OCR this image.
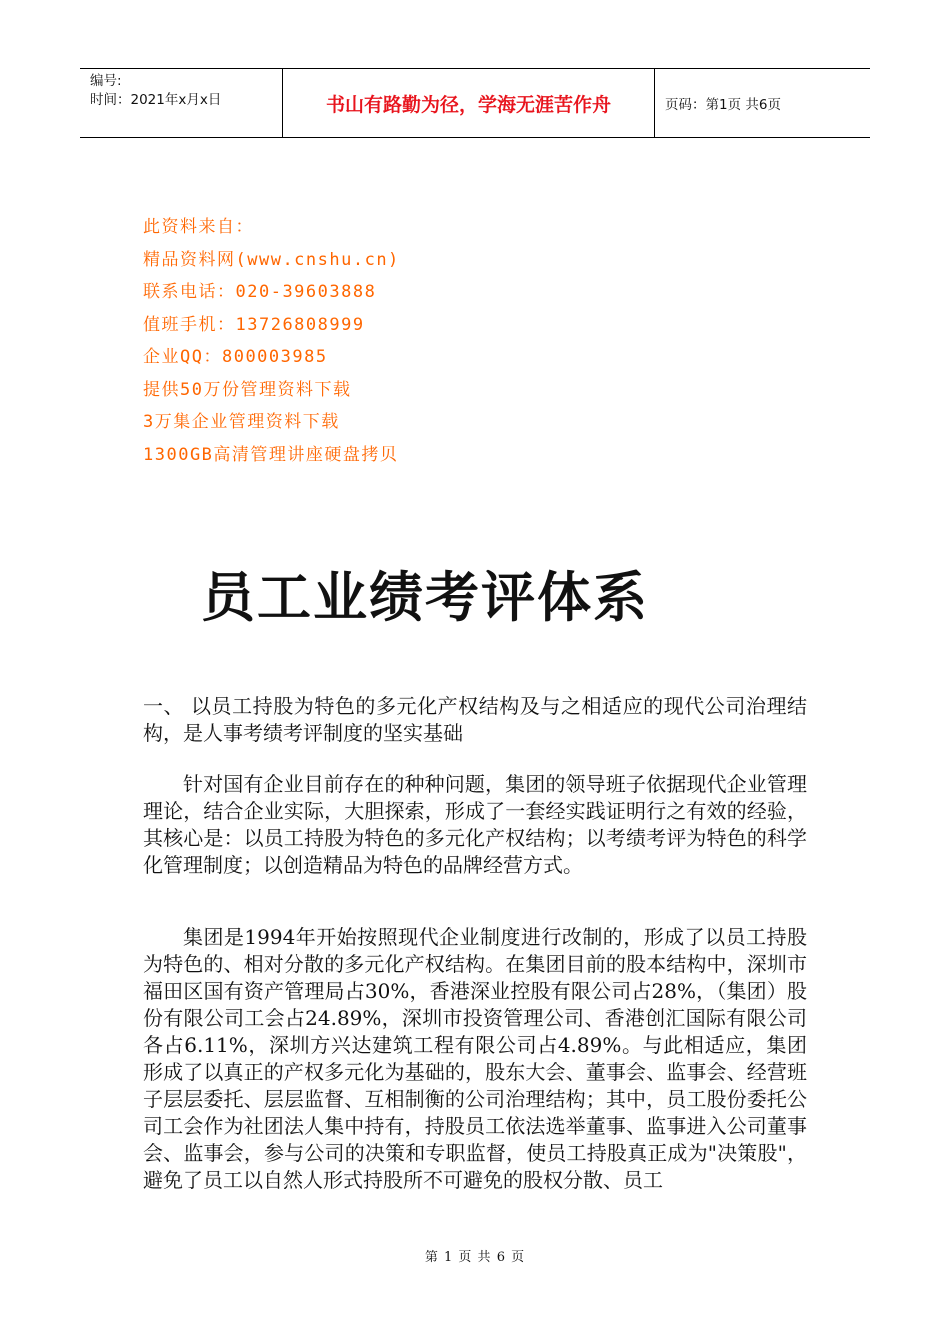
编号:
时间：2021年x月x日	书山有路勤为径，学海无涯苦作舟	页码：第1页 共6页
此资料来自：
精品资料网(www.cnshu.cn)
联系电话：020-39603888
值班手机：13726808999
企业QQ：800003985
提供50万份管理资料下载
3万集企业管理资料下载
1300GB高清管理讲座硬盘拷贝
员工业绩考评体系
一、 以员工持股为特色的多元化产权结构及与之相适应的现代公司治理结构，是人事考绩考评制度的坚实基础
针对国有企业目前存在的种种问题，集团的领导班子依据现代企业管理理论，结合企业实际，大胆探索，形成了一套经实践证明行之有效的经验，其核心是：以员工持股为特色的多元化产权结构；以考绩考评为特色的科学化管理制度；以创造精品为特色的品牌经营方式。
集团是1994年开始按照现代企业制度进行改制的，形成了以员工持股为特色的、相对分散的多元化产权结构。在集团目前的股本结构中，深圳市福田区国有资产管理局占30%，香港深业控股有限公司占28%，（集团）股份有限公司工会占24.89%，深圳市投资管理公司、香港创汇国际有限公司各占6.11%，深圳方兴达建筑工程有限公司占4.89%。与此相适应，集团形成了以真正的产权多元化为基础的，股东大会、董事会、监事会、经营班子层层委托、层层监督、互相制衡的公司治理结构；其中，员工股份委托公司工会作为社团法人集中持有，持股员工依法选举董事、监事进入公司董事会、监事会，参与公司的决策和专职监督，使员工持股真正成为"决策股"，避免了员工以自然人形式持股所不可避免的股权分散、员工
第 1 页 共 6 页
